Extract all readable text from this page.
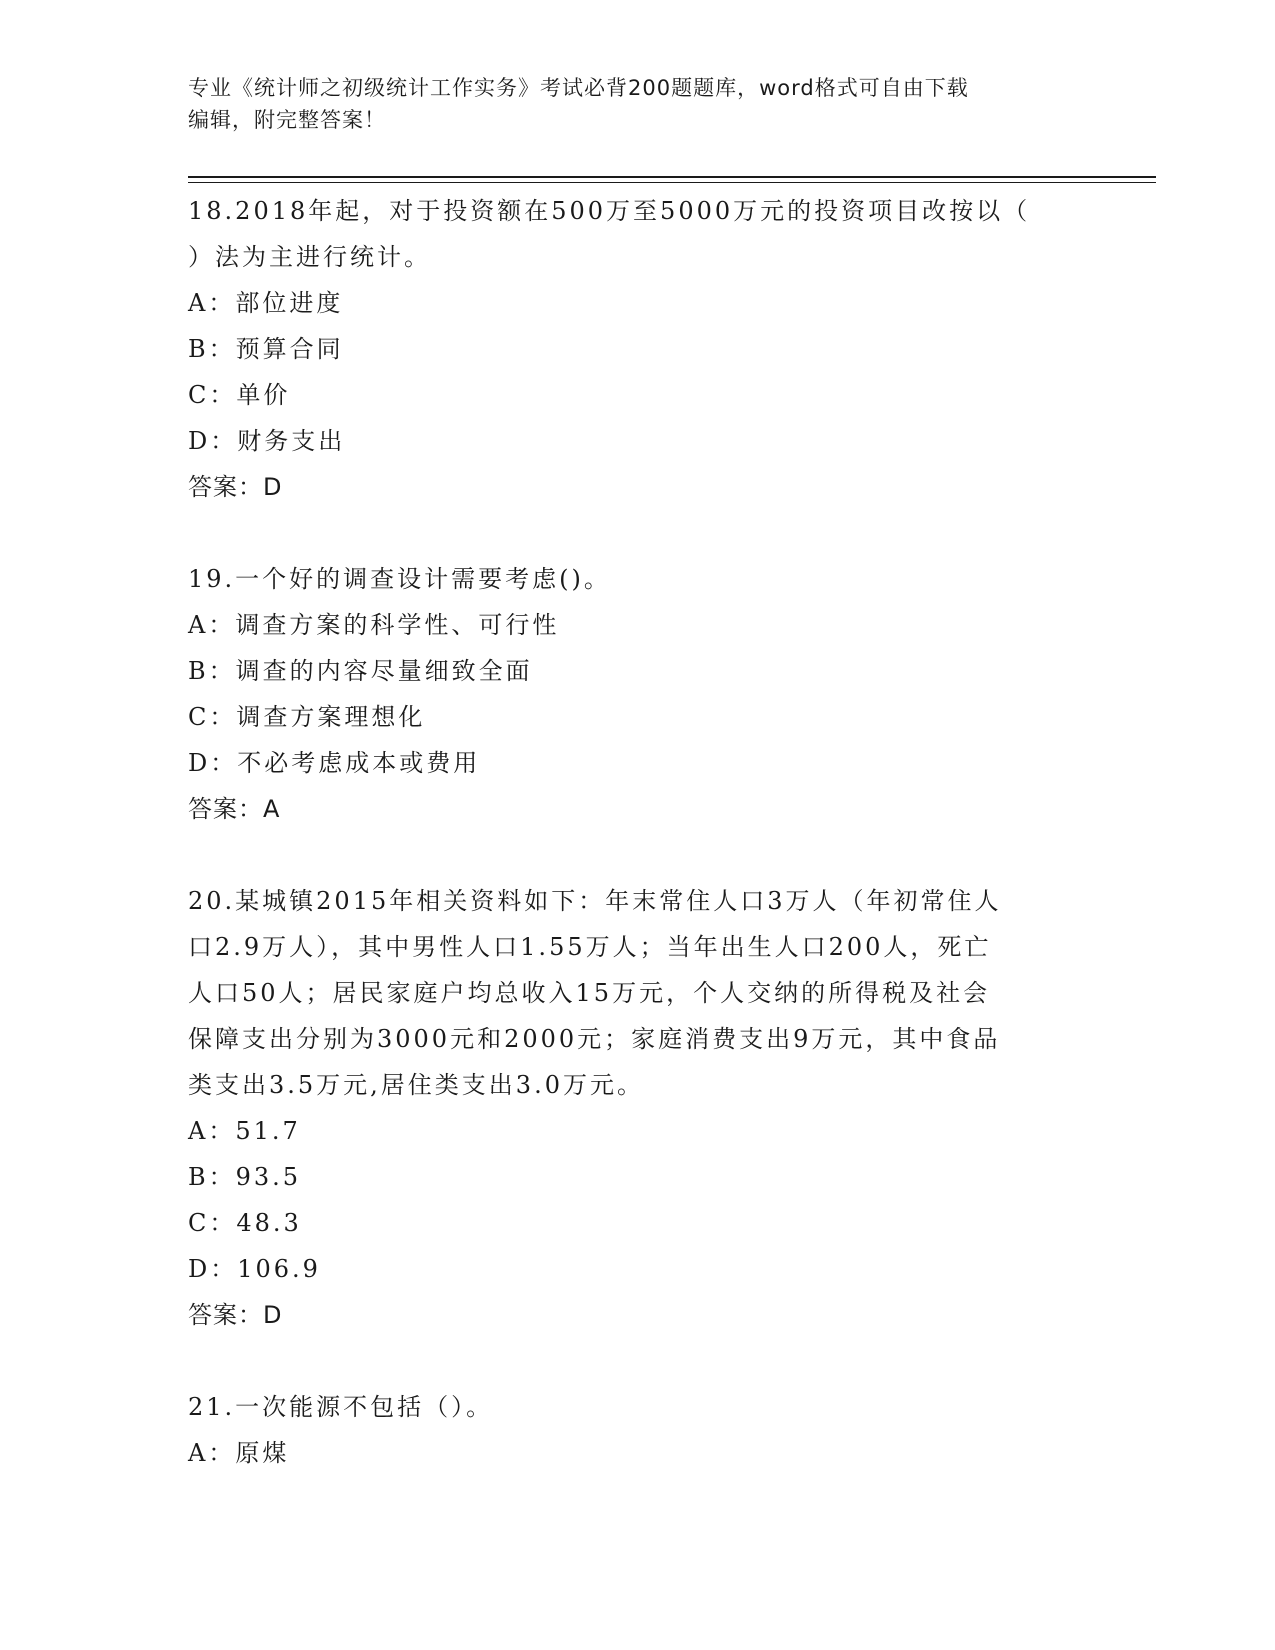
专业《统计师之初级统计工作实务》考试必背200题题库，word格式可自由下载
编辑，附完整答案！
18.2018年起，对于投资额在500万至5000万元的投资项目改按以（
）法为主进行统计。
A：部位进度
B：预算合同
C：单价
D：财务支出
答案：D
19.一个好的调查设计需要考虑()。
A：调查方案的科学性、可行性
B：调查的内容尽量细致全面
C：调查方案理想化
D：不必考虑成本或费用
答案：A
20.某城镇2015年相关资料如下：年末常住人口3万人（年初常住人
口2.9万人），其中男性人口1.55万人；当年出生人口200人，死亡
人口50人；居民家庭户均总收入15万元，个人交纳的所得税及社会
保障支出分别为3000元和2000元；家庭消费支出9万元，其中食品
类支出3.5万元,居住类支出3.0万元。
A：51.7
B：93.5
C：48.3
D：106.9
答案：D
21.一次能源不包括（）。
A：原煤
